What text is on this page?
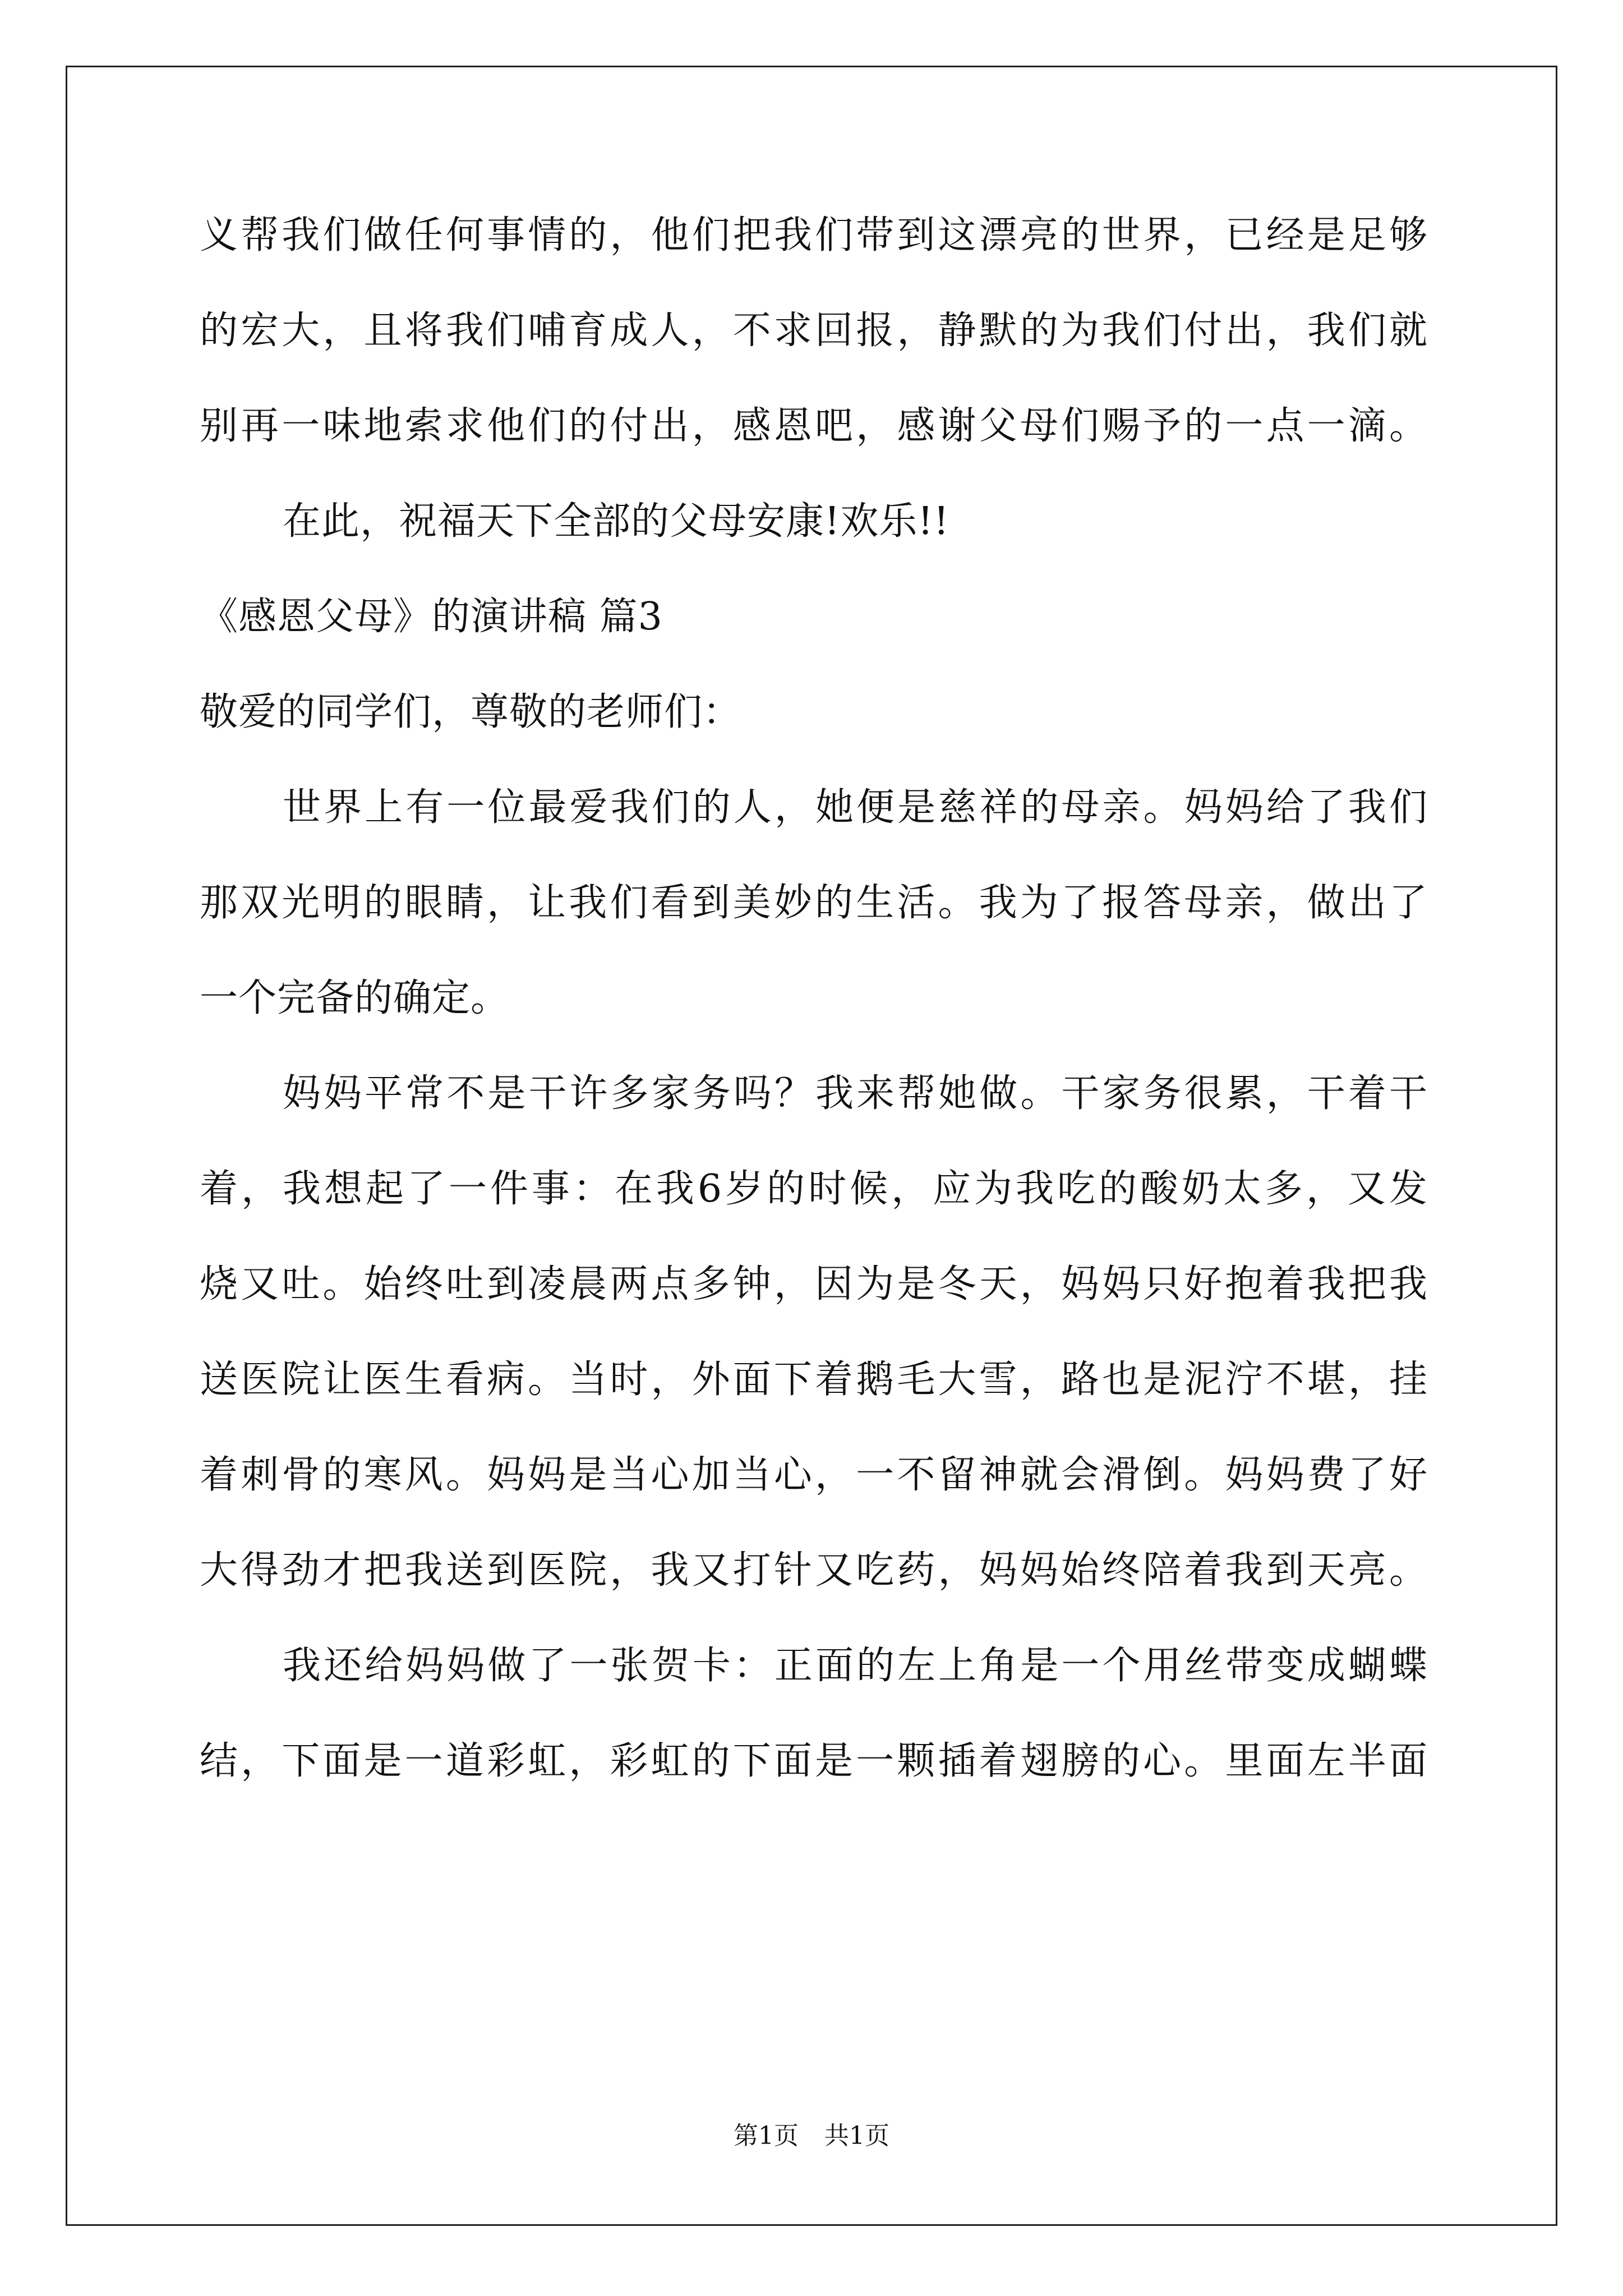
义帮我们做任何事情的，他们把我们带到这漂亮的世界，已经是足够
的宏大，且将我们哺育成人，不求回报，静默的为我们付出，我们就
别再一味地索求他们的付出，感恩吧，感谢父母们赐予的一点一滴。
在此，祝福天下全部的父母安康!欢乐!!
《感恩父母》的演讲稿 篇3
敬爱的同学们，尊敬的老师们：
世界上有一位最爱我们的人，她便是慈祥的母亲。妈妈给了我们
那双光明的眼睛，让我们看到美妙的生活。我为了报答母亲，做出了
一个完备的确定。
妈妈平常不是干许多家务吗？我来帮她做。干家务很累，干着干
着，我想起了一件事：在我6岁的时候，应为我吃的酸奶太多，又发
烧又吐。始终吐到凌晨两点多钟，因为是冬天，妈妈只好抱着我把我
送医院让医生看病。当时，外面下着鹅毛大雪，路也是泥泞不堪，挂
着刺骨的寒风。妈妈是当心加当心，一不留神就会滑倒。妈妈费了好
大得劲才把我送到医院，我又打针又吃药，妈妈始终陪着我到天亮。
我还给妈妈做了一张贺卡：正面的左上角是一个用丝带变成蝴蝶
结，下面是一道彩虹，彩虹的下面是一颗插着翅膀的心。里面左半面
第1页 共1页
